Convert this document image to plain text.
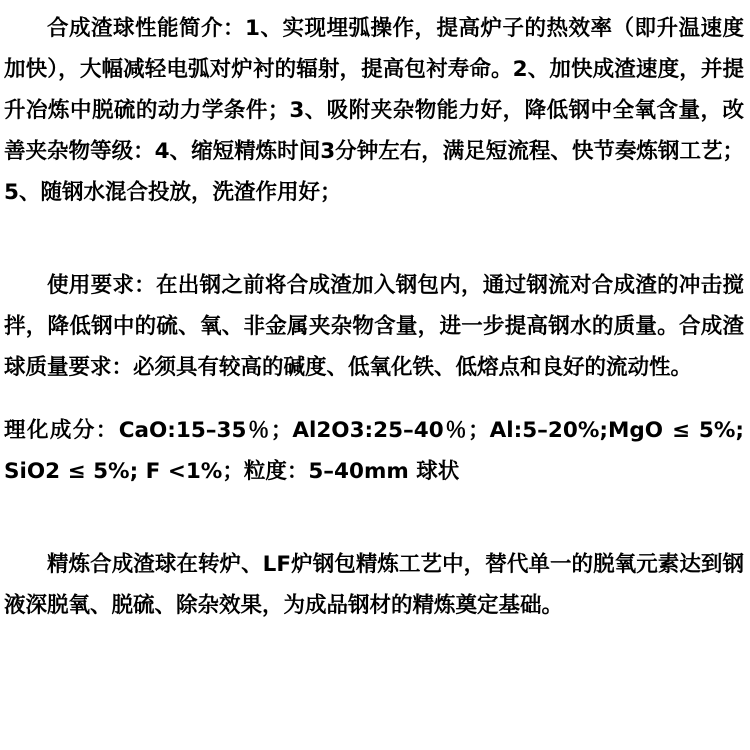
合成渣球性能简介：1、实现埋弧操作，提高炉子的热效率（即升温速度加快），大幅减轻电弧对炉衬的辐射，提高包衬寿命。2、加快成渣速度，并提升冶炼中脱硫的动力学条件；3、吸附夹杂物能力好，降低钢中全氧含量，改善夹杂物等级：4、缩短精炼时间3分钟左右，满足短流程、快节奏炼钢工艺；5、随钢水混合投放，洗渣作用好；

使用要求：在出钢之前将合成渣加入钢包内，通过钢流对合成渣的冲击搅拌，降低钢中的硫、氧、非金属夹杂物含量，进一步提高钢水的质量。合成渣球质量要求：必须具有较高的碱度、低氧化铁、低熔点和良好的流动性。

理化成分：CaO:15–35％；Al2O3:25–40％；Al:5–20%;MgO ≤ 5%; SiO2 ≤ 5%; F <1%；粒度：5–40mm 球状

精炼合成渣球在转炉、LF炉钢包精炼工艺中，替代单一的脱氧元素达到钢液深脱氧、脱硫、除杂效果，为成品钢材的精炼奠定基础。
